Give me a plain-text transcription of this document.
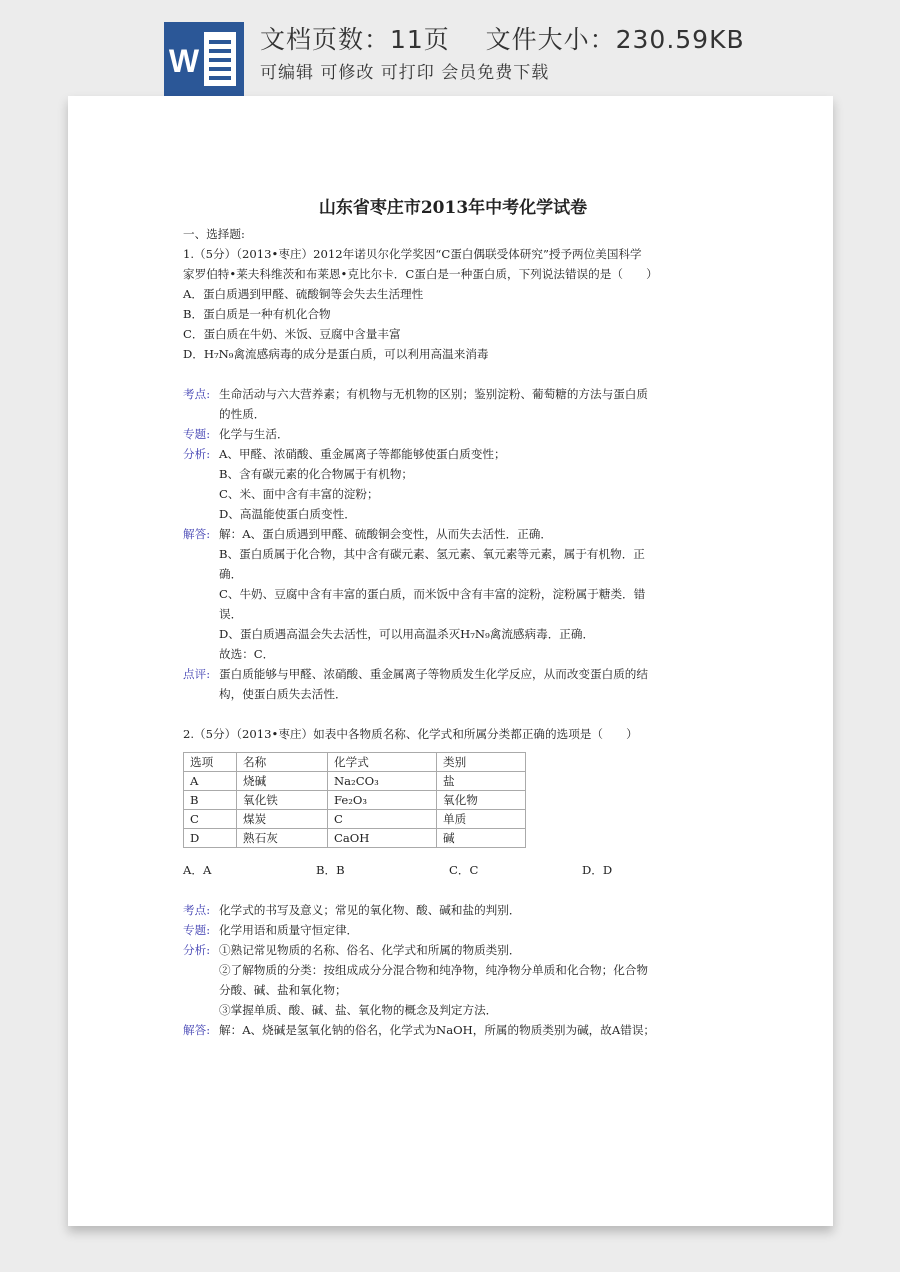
W
文档页数：11页    文件大小：230.59KB
可编辑 可修改 可打印 会员免费下载
山东省枣庄市2013年中考化学试卷
一、选择题:
1.（5分）（2013•枣庄）2012年诺贝尔化学奖因“C蛋白偶联受体研究”授予两位美国科学
家罗伯特•莱夫科维茨和布莱恩•克比尔卡．C蛋白是一种蛋白质，下列说法错误的是（　　）
A．蛋白质遇到甲醛、硫酸铜等会失去生活理性
B．蛋白质是一种有机化合物
C．蛋白质在牛奶、米饭、豆腐中含量丰富
D．H₇N₉禽流感病毒的成分是蛋白质，可以利用高温来消毒
考点: 生命活动与六大营养素；有机物与无机物的区别；鉴别淀粉、葡萄糖的方法与蛋白质
的性质．
专题: 化学与生活．
分析: A、甲醛、浓硝酸、重金属离子等都能够使蛋白质变性；
B、含有碳元素的化合物属于有机物；
C、米、面中含有丰富的淀粉；
D、高温能使蛋白质变性．
解答: 解：A、蛋白质遇到甲醛、硫酸铜会变性，从而失去活性．正确．
B、蛋白质属于化合物，其中含有碳元素、氢元素、氧元素等元素，属于有机物．正
确．
C、牛奶、豆腐中含有丰富的蛋白质，而米饭中含有丰富的淀粉，淀粉属于糖类．错
误．
D、蛋白质遇高温会失去活性，可以用高温杀灭H₇N₉禽流感病毒．正确．
故选：C．
点评: 蛋白质能够与甲醛、浓硝酸、重金属离子等物质发生化学反应，从而改变蛋白质的结
构，使蛋白质失去活性．
2.（5分）（2013•枣庄）如表中各物质名称、化学式和所属分类都正确的选项是（　　）
选项	名称	化学式	类别
A	烧碱	Na₂CO₃	盐
B	氧化铁	Fe₂O₃	氧化物
C	煤炭	C	单质
D	熟石灰	CaOH	碱
A．A	B．B	C．C	D．D
考点: 化学式的书写及意义；常见的氧化物、酸、碱和盐的判别．
专题: 化学用语和质量守恒定律．
分析: ①熟记常见物质的名称、俗名、化学式和所属的物质类别．
②了解物质的分类：按组成成分分混合物和纯净物，纯净物分单质和化合物；化合物
分酸、碱、盐和氧化物；
③掌握单质、酸、碱、盐、氧化物的概念及判定方法．
解答: 解：A、烧碱是氢氧化钠的俗名，化学式为NaOH，所属的物质类别为碱，故A错误；
